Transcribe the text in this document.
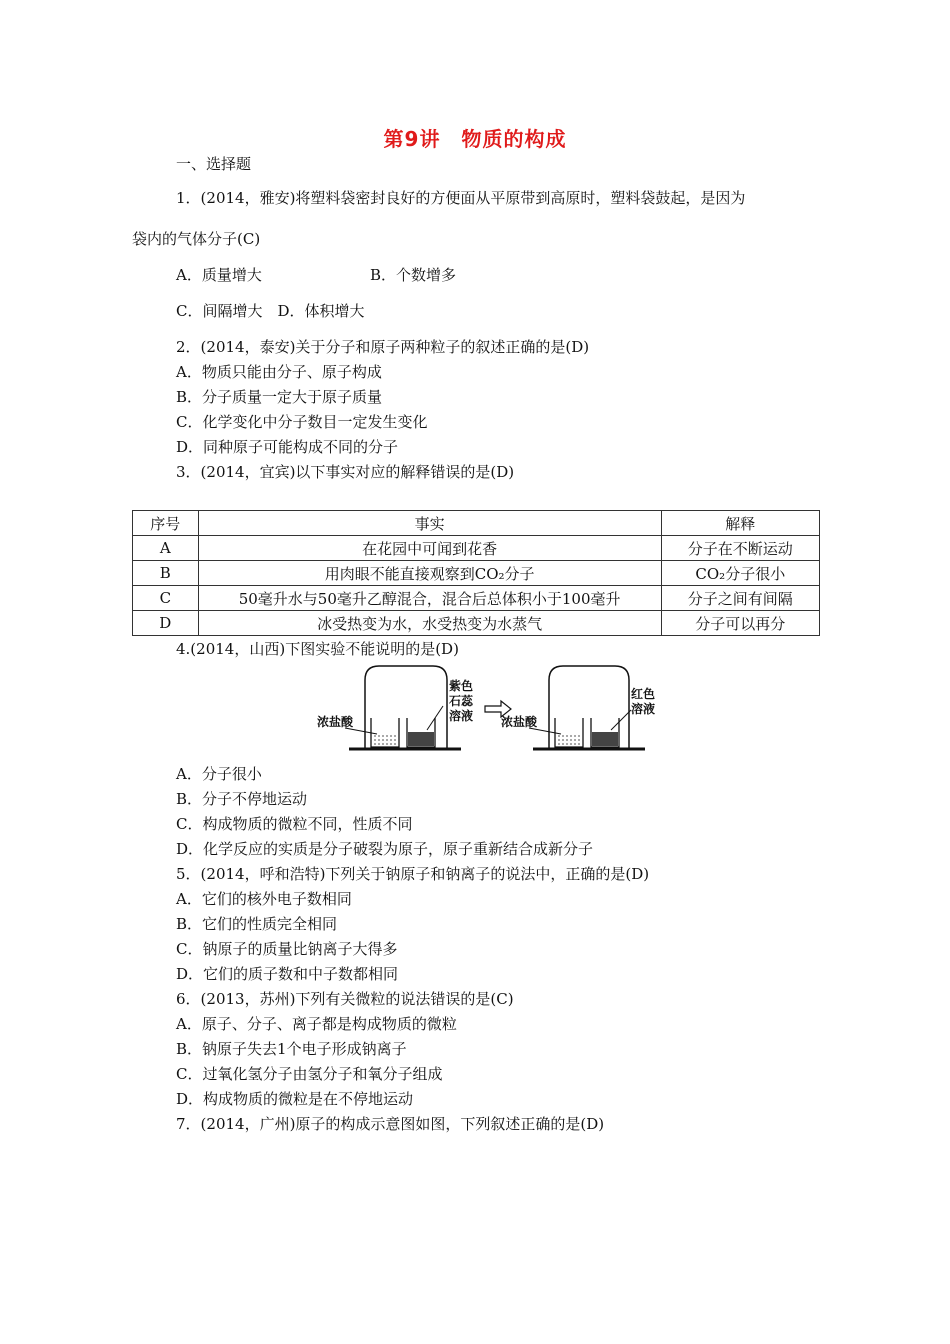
第9讲　物质的构成
一、选择题
1．(2014，雅安)将塑料袋密封良好的方便面从平原带到高原时，塑料袋鼓起，是因为
袋内的气体分子(C)
A．质量增大	B．个数增多
C．间隔增大　D．体积增大
2．(2014，泰安)关于分子和原子两种粒子的叙述正确的是(D)
A．物质只能由分子、原子构成
B．分子质量一定大于原子质量
C．化学变化中分子数目一定发生变化
D．同种原子可能构成不同的分子
3．(2014，宜宾)以下事实对应的解释错误的是(D)
序号	事实	解释
A	在花园中可闻到花香	分子在不断运动
B	用肉眼不能直接观察到CO₂分子	CO₂分子很小
C	50毫升水与50毫升乙醇混合，混合后总体积小于100毫升	分子之间有间隔
D	冰受热变为水，水受热变为水蒸气	分子可以再分
4.(2014，山西)下图实验不能说明的是(D)
浓盐酸
紫色
石蕊
溶液 浓盐酸
红色
溶液
A．分子很小
B．分子不停地运动
C．构成物质的微粒不同，性质不同
D．化学反应的实质是分子破裂为原子，原子重新结合成新分子
5．(2014，呼和浩特)下列关于钠原子和钠离子的说法中，正确的是(D)
A．它们的核外电子数相同
B．它们的性质完全相同
C．钠原子的质量比钠离子大得多
D．它们的质子数和中子数都相同
6．(2013，苏州)下列有关微粒的说法错误的是(C)
A．原子、分子、离子都是构成物质的微粒
B．钠原子失去1个电子形成钠离子
C．过氧化氢分子由氢分子和氧分子组成
D．构成物质的微粒是在不停地运动
7．(2014，广州)原子的构成示意图如图，下列叙述正确的是(D)
